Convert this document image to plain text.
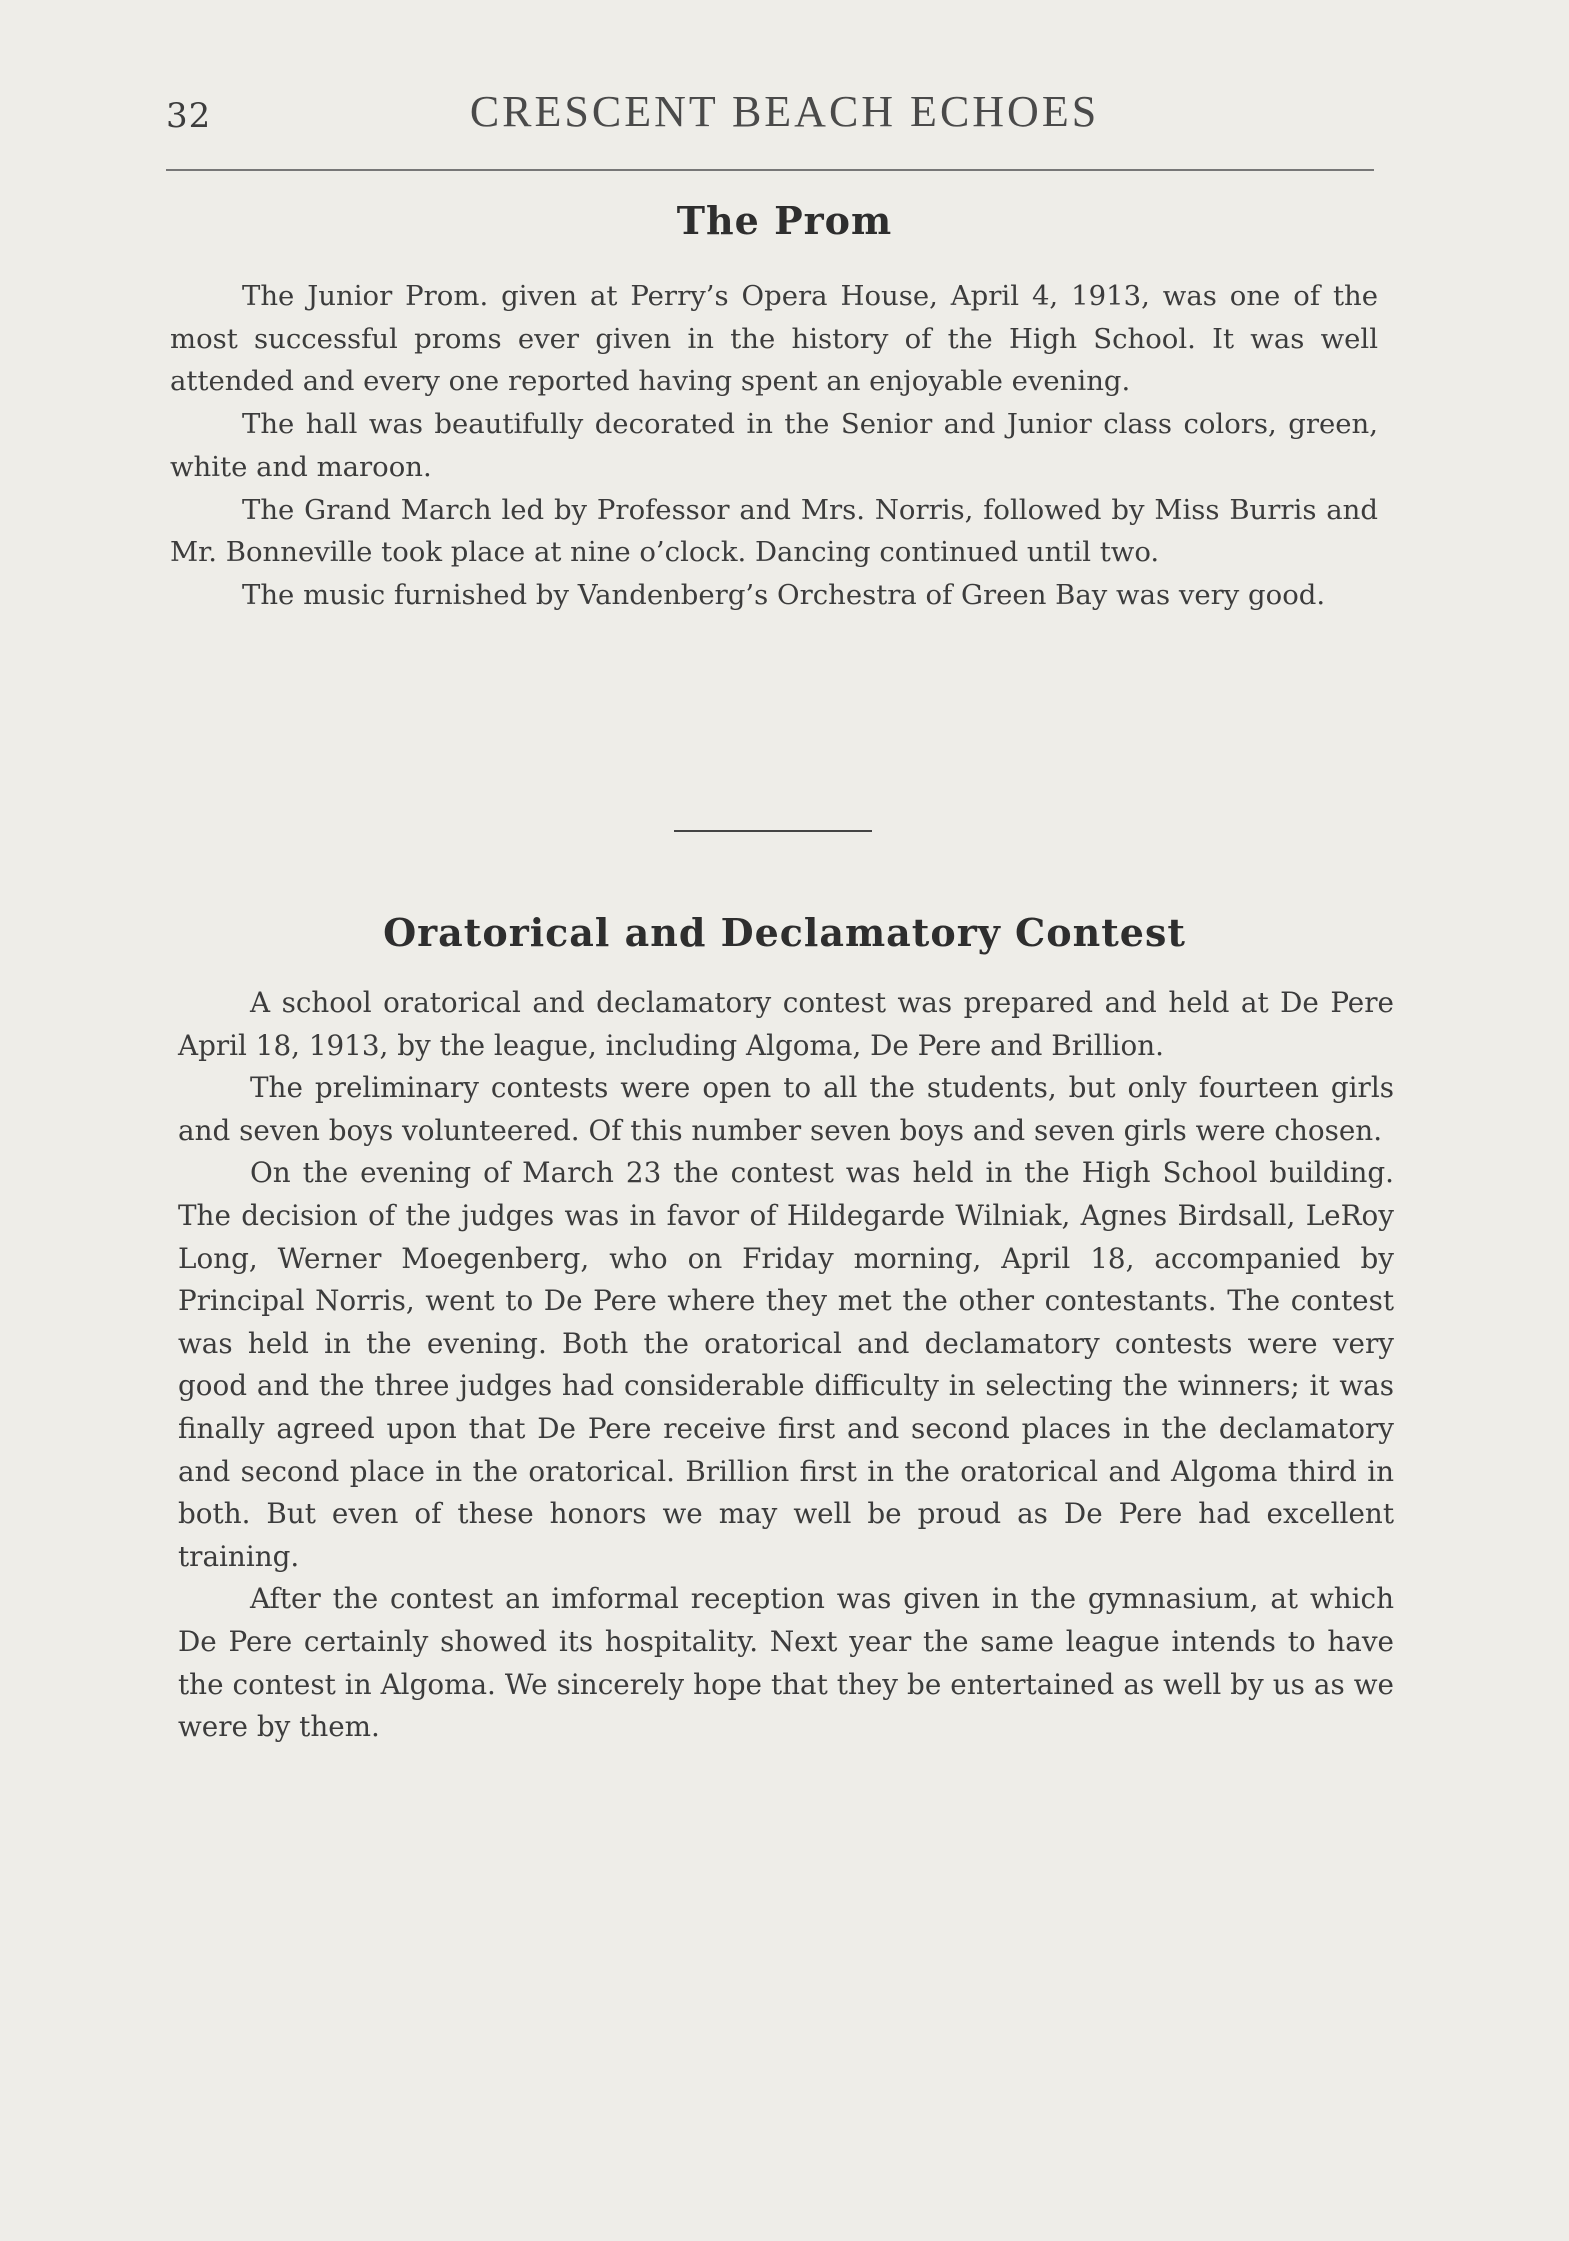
32	CRESCENT BEACH ECHOES
The Prom

The Junior Prom. given at Perry’s Opera House, April 4, 1913, was one of the most successful proms ever given in the history of the High School. It was well attended and every one reported having spent an enjoyable evening.

The hall was beautifully decorated in the Senior and Junior class colors, green, white and maroon.

The Grand March led by Professor and Mrs. Norris, followed by Miss Burris and Mr. Bonneville took place at nine o’clock. Dancing continued until two.

The music furnished by Vandenberg’s Orchestra of Green Bay was very good.

Oratorical and Declamatory Contest

A school oratorical and declamatory contest was prepared and held at De Pere April 18, 1913, by the league, including Algoma, De Pere and Brillion.

The preliminary contests were open to all the students, but only fourteen girls and seven boys volunteered. Of this number seven boys and seven girls were chosen.

On the evening of March 23 the contest was held in the High School building. The decision of the judges was in favor of Hildegarde Wilniak, Agnes Birdsall, LeRoy Long, Werner Moegenberg, who on Friday morning, April 18, accompanied by Principal Norris, went to De Pere where they met the other contestants. The contest was held in the evening. Both the oratorical and declamatory contests were very good and the three judges had considerable difficulty in selecting the winners; it was finally agreed upon that De Pere receive first and second places in the declamatory and second place in the oratorical. Brillion first in the oratorical and Algoma third in both. But even of these honors we may well be proud as De Pere had excellent training.

After the contest an imformal reception was given in the gymnasium, at which De Pere certainly showed its hospitality. Next year the same league intends to have the contest in Algoma. We sincerely hope that they be entertained as well by us as we were by them.
